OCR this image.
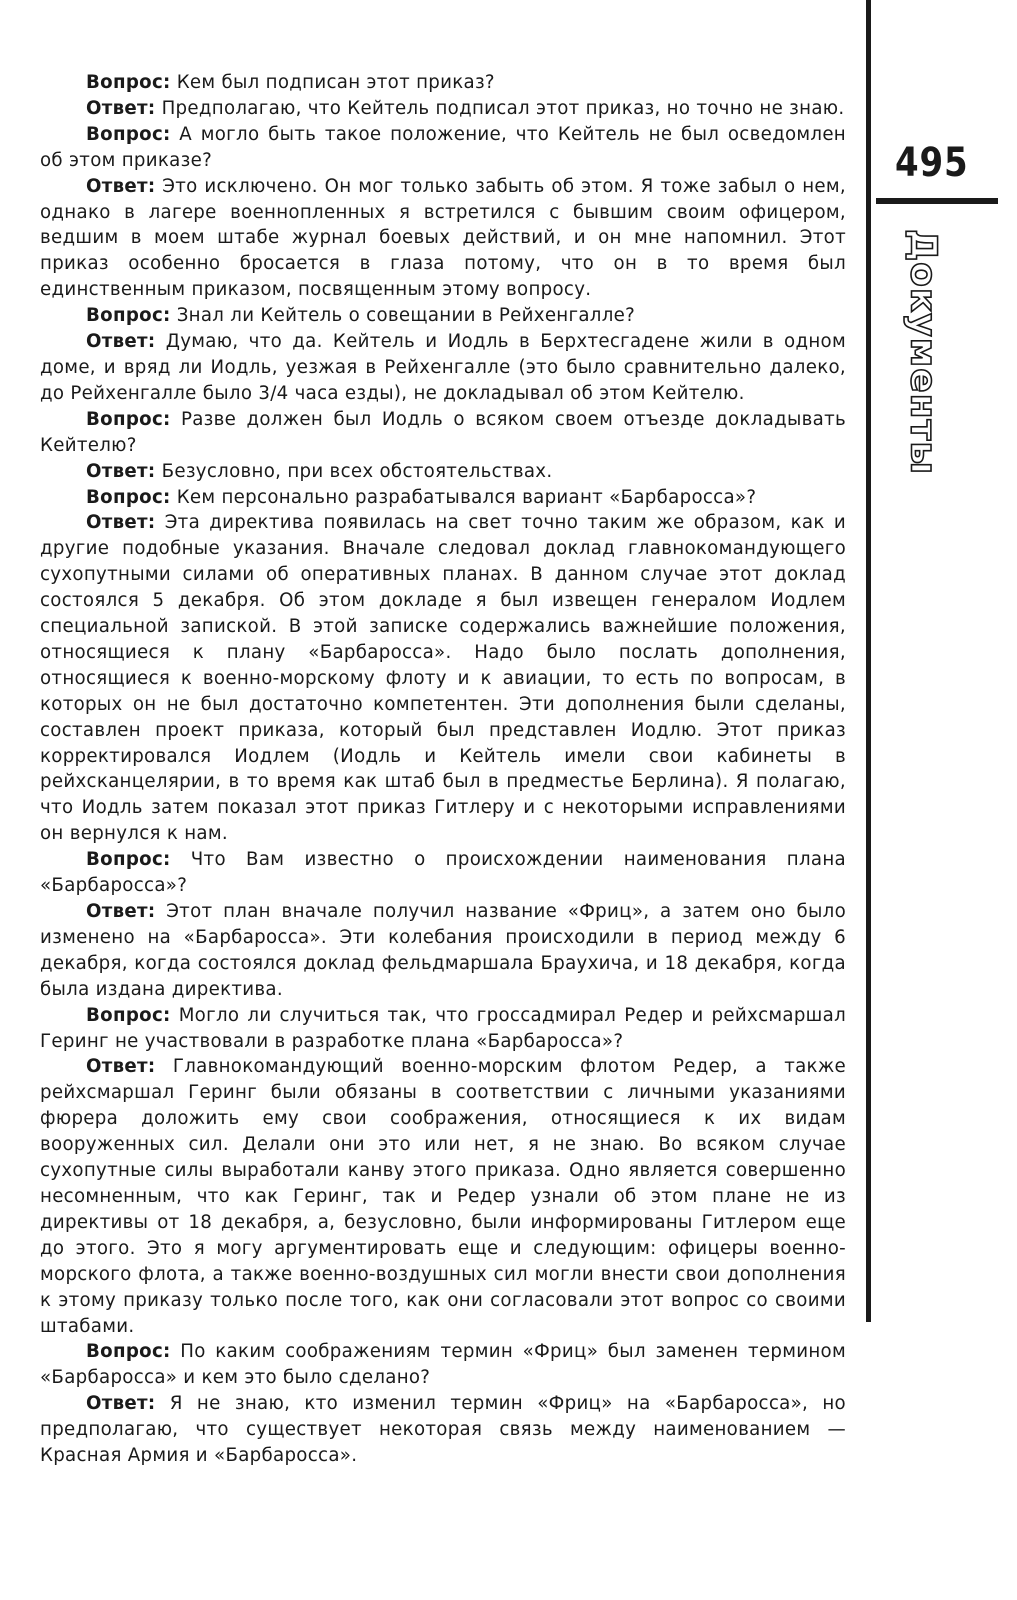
Вопрос: Кем был подписан этот приказ?

Ответ: Предполагаю, что Кейтель подписал этот приказ, но точно не знаю.

Вопрос: А могло быть такое положение, что Кейтель не был осведомлен об этом приказе?

Ответ: Это исключено. Он мог только забыть об этом. Я тоже забыл о нем, однако в лагере военнопленных я встретился с бывшим своим офицером, ведшим в моем штабе журнал боевых действий, и он мне напомнил. Этот приказ особенно бросается в глаза потому, что он в то время был единственным приказом, посвященным этому вопросу.

Вопрос: Знал ли Кейтель о совещании в Рейхенгалле?

Ответ: Думаю, что да. Кейтель и Иодль в Берхтесгадене жили в одном доме, и вряд ли Иодль, уезжая в Рейхенгалле (это было сравнительно далеко, до Рейхенгалле было 3/4 часа езды), не докладывал об этом Кейтелю.

Вопрос: Разве должен был Иодль о всяком своем отъезде докладывать Кейтелю?

Ответ: Безусловно, при всех обстоятельствах.

Вопрос: Кем персонально разрабатывался вариант «Барбаросса»?

Ответ: Эта директива появилась на свет точно таким же образом, как и другие подобные указания. Вначале следовал доклад главнокомандующего сухопутными силами об оперативных планах. В данном случае этот доклад состоялся 5 декабря. Об этом докладе я был извещен генералом Иодлем специальной запиской. В этой записке содержались важнейшие положения, относящиеся к плану «Барбаросса». Надо было послать дополнения, относящиеся к военно-морскому флоту и к авиации, то есть по вопросам, в которых он не был достаточно компетентен. Эти дополнения были сделаны, составлен проект приказа, который был представлен Иодлю. Этот приказ корректировался Иодлем (Иодль и Кейтель имели свои кабинеты в рейхсканцелярии, в то время как штаб был в предместье Берлина). Я полагаю, что Иодль затем показал этот приказ Гитлеру и с некоторыми исправлениями он вернулся к нам.

Вопрос: Что Вам известно о происхождении наименования плана «Барбаросса»?

Ответ: Этот план вначале получил название «Фриц», а затем оно было изменено на «Барбаросса». Эти колебания происходили в период между 6 декабря, когда состоялся доклад фельдмаршала Браухича, и 18 декабря, когда была издана директива.

Вопрос: Могло ли случиться так, что гроссадмирал Редер и рейхсмаршал Геринг не участвовали в разработке плана «Барбаросса»?

Ответ: Главнокомандующий военно-морским флотом Редер, а также рейхсмаршал Геринг были обязаны в соответствии с личными указаниями фюрера доложить ему свои соображения, относящиеся к их видам вооруженных сил. Делали они это или нет, я не знаю. Во всяком случае сухопутные силы выработали канву этого приказа. Одно является совершенно несомненным, что как Геринг, так и Редер узнали об этом плане не из директивы от 18 декабря, а, безусловно, были информированы Гитлером еще до этого. Это я могу аргументировать еще и следующим: офицеры военно-морского флота, а также военно-воздушных сил могли внести свои дополнения к этому приказу только после того, как они согласовали этот вопрос со своими штабами.

Вопрос: По каким соображениям термин «Фриц» был заменен термином «Барбаросса» и кем это было сделано?

Ответ: Я не знаю, кто изменил термин «Фриц» на «Барбаросса», но предполагаю, что существует некоторая связь между наименованием — Красная Армия и «Барбаросса».

495
Документы
